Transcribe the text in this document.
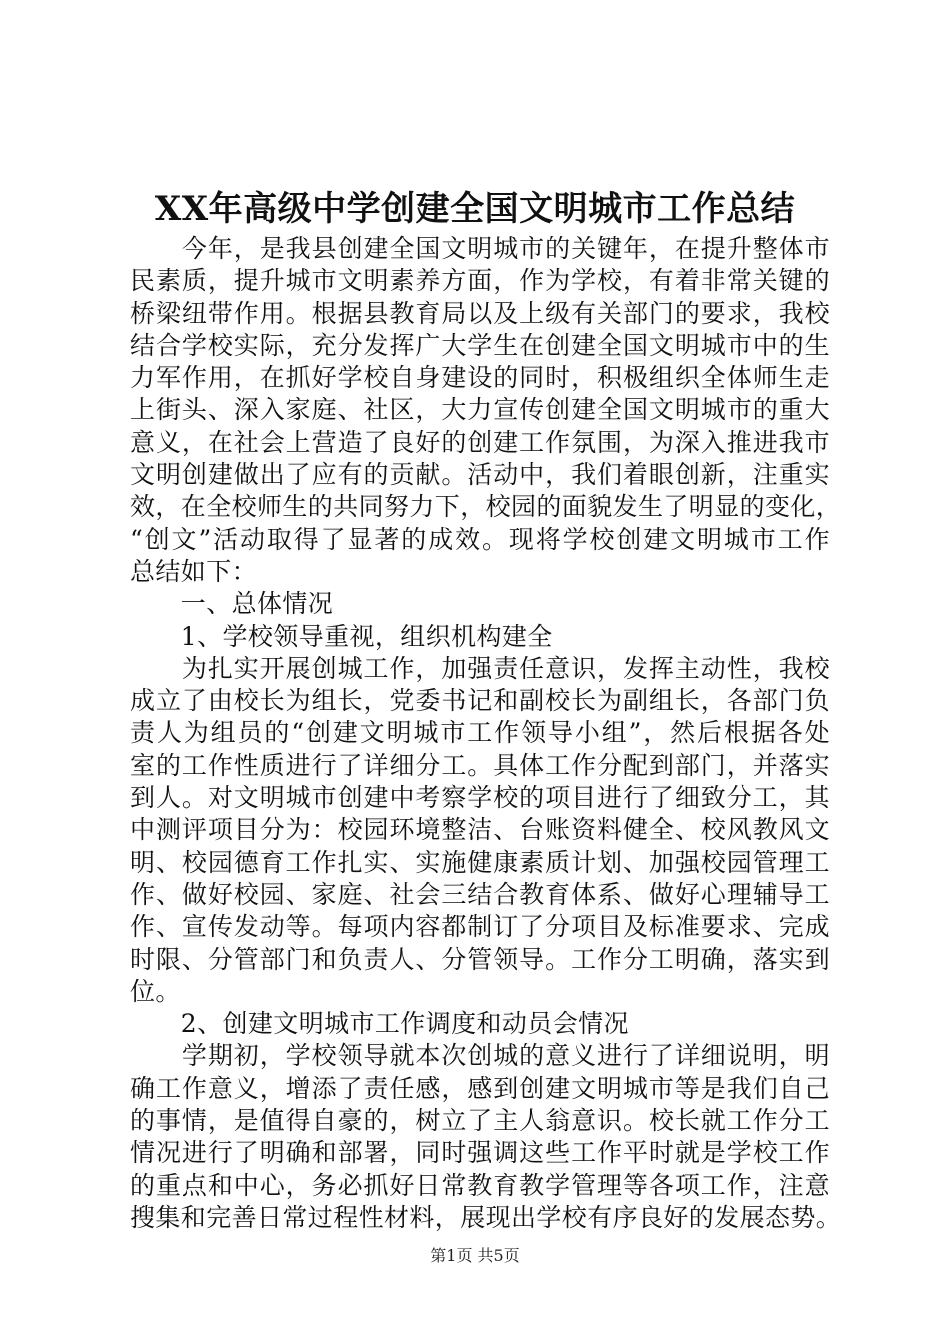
XX年高级中学创建全国文明城市工作总结
　　今年，是我县创建全国文明城市的关键年，在提升整体市
民素质，提升城市文明素养方面，作为学校，有着非常关键的
桥梁纽带作用。根据县教育局以及上级有关部门的要求，我校
结合学校实际，充分发挥广大学生在创建全国文明城市中的生
力军作用，在抓好学校自身建设的同时，积极组织全体师生走
上街头、深入家庭、社区，大力宣传创建全国文明城市的重大
意义，在社会上营造了良好的创建工作氛围，为深入推进我市
文明创建做出了应有的贡献。活动中，我们着眼创新，注重实
效，在全校师生的共同努力下，校园的面貌发生了明显的变化，
“创文”活动取得了显著的成效。现将学校创建文明城市工作
总结如下：
　　一、总体情况
　　1、学校领导重视，组织机构建全
　　为扎实开展创城工作，加强责任意识，发挥主动性，我校
成立了由校长为组长，党委书记和副校长为副组长，各部门负
责人为组员的“创建文明城市工作领导小组”，然后根据各处
室的工作性质进行了详细分工。具体工作分配到部门，并落实
到人。对文明城市创建中考察学校的项目进行了细致分工，其
中测评项目分为：校园环境整洁、台账资料健全、校风教风文
明、校园德育工作扎实、实施健康素质计划、加强校园管理工
作、做好校园、家庭、社会三结合教育体系、做好心理辅导工
作、宣传发动等。每项内容都制订了分项目及标准要求、完成
时限、分管部门和负责人、分管领导。工作分工明确，落实到
位。
　　2、创建文明城市工作调度和动员会情况
　　学期初，学校领导就本次创城的意义进行了详细说明，明
确工作意义，增添了责任感，感到创建文明城市等是我们自己
的事情，是值得自豪的，树立了主人翁意识。校长就工作分工
情况进行了明确和部署，同时强调这些工作平时就是学校工作
的重点和中心，务必抓好日常教育教学管理等各项工作，注意
搜集和完善日常过程性材料，展现出学校有序良好的发展态势。
第1页 共5页
